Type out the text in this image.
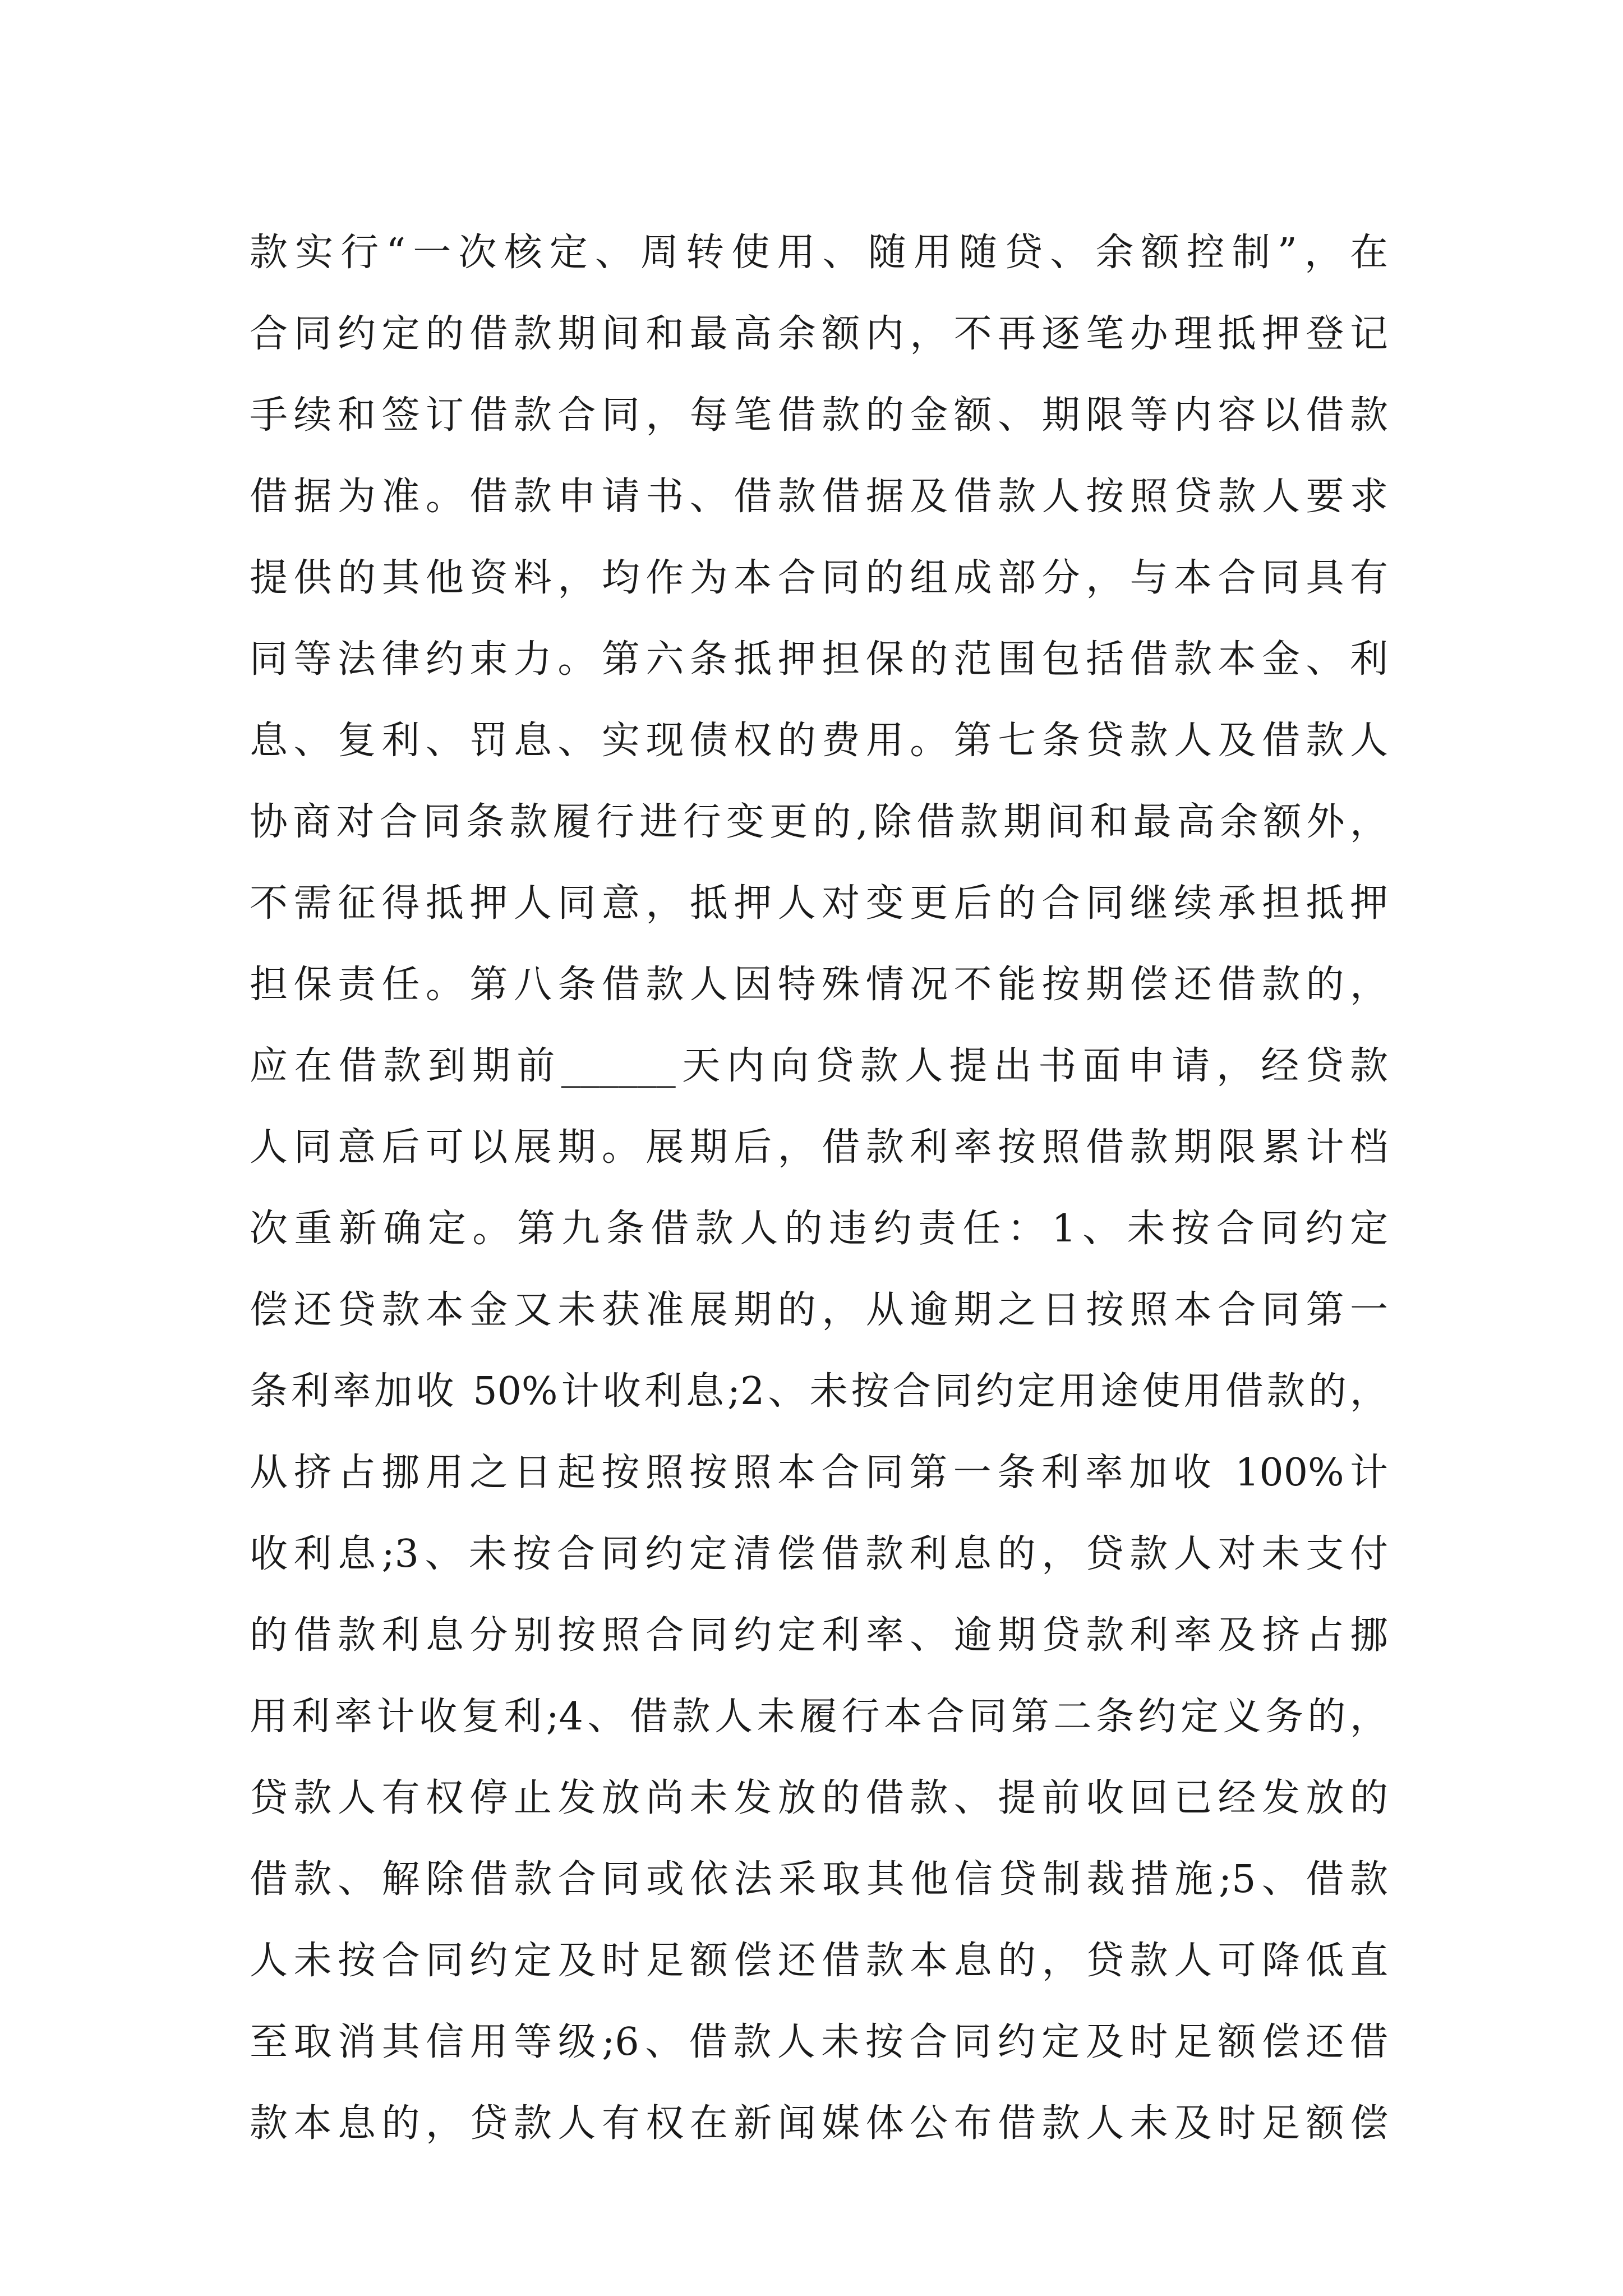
款实行“一次核定、周转使用、随用随贷、余额控制”，在
合同约定的借款期间和最高余额内，不再逐笔办理抵押登记
手续和签订借款合同，每笔借款的金额、期限等内容以借款
借据为准。借款申请书、借款借据及借款人按照贷款人要求
提供的其他资料，均作为本合同的组成部分，与本合同具有
同等法律约束力。第六条抵押担保的范围包括借款本金、利
息、复利、罚息、实现债权的费用。第七条贷款人及借款人
协商对合同条款履行进行变更的,除借款期间和最高余额外，
不需征得抵押人同意，抵押人对变更后的合同继续承担抵押
担保责任。第八条借款人因特殊情况不能按期偿还借款的，
应在借款到期前______天内向贷款人提出书面申请，经贷款
人同意后可以展期。展期后，借款利率按照借款期限累计档
次重新确定。第九条借款人的违约责任：1、未按合同约定
偿还贷款本金又未获准展期的，从逾期之日按照本合同第一
条利率加收 50%计收利息;2、未按合同约定用途使用借款的，
从挤占挪用之日起按照按照本合同第一条利率加收 100%计
收利息;3、未按合同约定清偿借款利息的，贷款人对未支付
的借款利息分别按照合同约定利率、逾期贷款利率及挤占挪
用利率计收复利;4、借款人未履行本合同第二条约定义务的，
贷款人有权停止发放尚未发放的借款、提前收回已经发放的
借款、解除借款合同或依法采取其他信贷制裁措施;5、借款
人未按合同约定及时足额偿还借款本息的，贷款人可降低直
至取消其信用等级;6、借款人未按合同约定及时足额偿还借
款本息的，贷款人有权在新闻媒体公布借款人未及时足额偿
